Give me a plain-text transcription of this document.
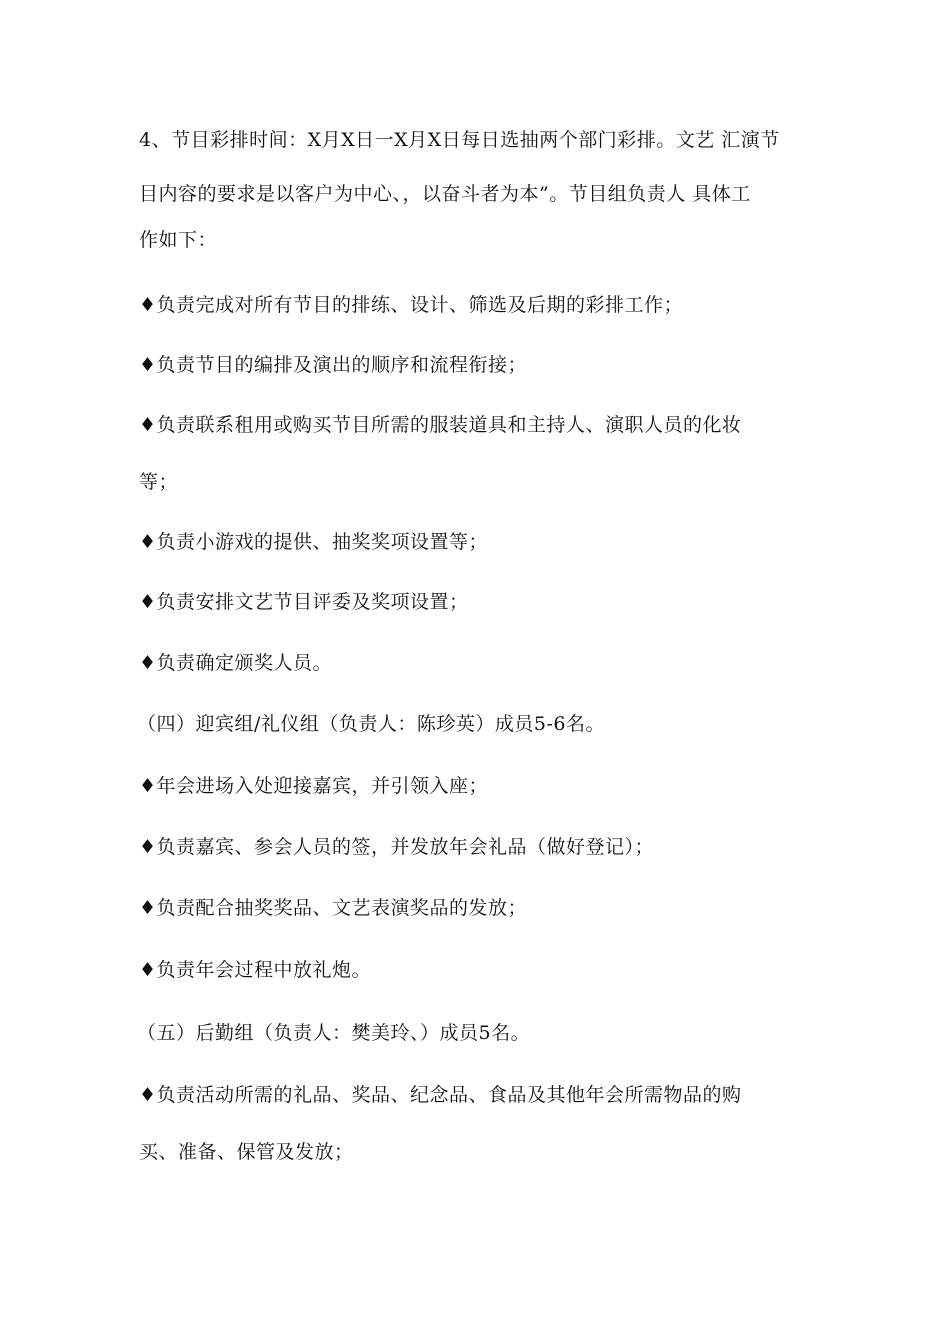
4、节目彩排时间：X月X日一X月X日每日选抽两个部门彩排。文艺 汇演节
目内容的要求是以客户为中心、，以奋斗者为本”。节目组负责人 具体工
作如下：
♦负责完成对所有节目的排练、设计、筛选及后期的彩排工作；
♦负责节目的编排及演出的顺序和流程衔接；
♦负责联系租用或购买节目所需的服装道具和主持人、演职人员的化妆
等；
♦负责小游戏的提供、抽奖奖项设置等；
♦负责安排文艺节目评委及奖项设置；
♦负责确定颁奖人员。
（四）迎宾组/礼仪组（负责人：陈珍英）成员5-6名。
♦年会进场入处迎接嘉宾，并引领入座；
♦负责嘉宾、参会人员的签，并发放年会礼品（做好登记）；
♦负责配合抽奖奖品、文艺表演奖品的发放；
♦负责年会过程中放礼炮。
（五）后勤组（负责人：樊美玲、）成员5名。
♦负责活动所需的礼品、奖品、纪念品、食品及其他年会所需物品的购
买、准备、保管及发放；
